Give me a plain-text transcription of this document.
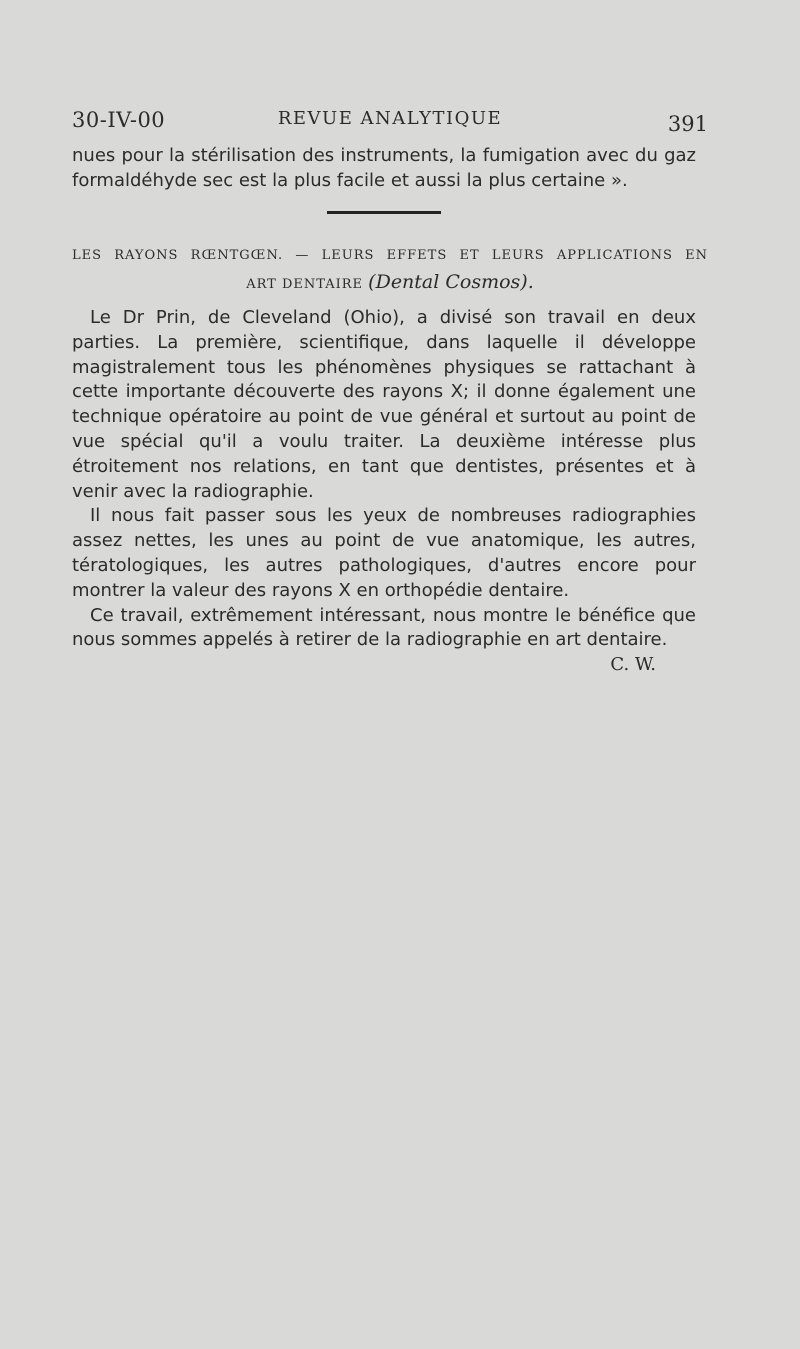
30-IV-00	REVUE ANALYTIQUE	391

nues pour la stérilisation des instruments, la fumigation avec du gaz formaldéhyde sec est la plus facile et aussi la plus certaine ».

LES RAYONS RŒNTGŒN. — LEURS EFFETS ET LEURS APPLICATIONS EN
ART DENTAIRE (Dental Cosmos).

Le Dr Prin, de Cleveland (Ohio), a divisé son travail en deux parties. La première, scientifique, dans laquelle il développe magistralement tous les phénomènes physiques se rattachant à cette importante découverte des rayons X; il donne également une technique opératoire au point de vue général et surtout au point de vue spécial qu'il a voulu traiter. La deuxième intéresse plus étroitement nos relations, en tant que dentistes, présentes et à venir avec la radiographie.

Il nous fait passer sous les yeux de nombreuses radiographies assez nettes, les unes au point de vue anatomique, les autres, tératologiques, les autres pathologiques, d'autres encore pour montrer la valeur des rayons X en orthopédie dentaire.

Ce travail, extrêmement intéressant, nous montre le bénéfice que nous sommes appelés à retirer de la radiographie en art dentaire.

C. W.
